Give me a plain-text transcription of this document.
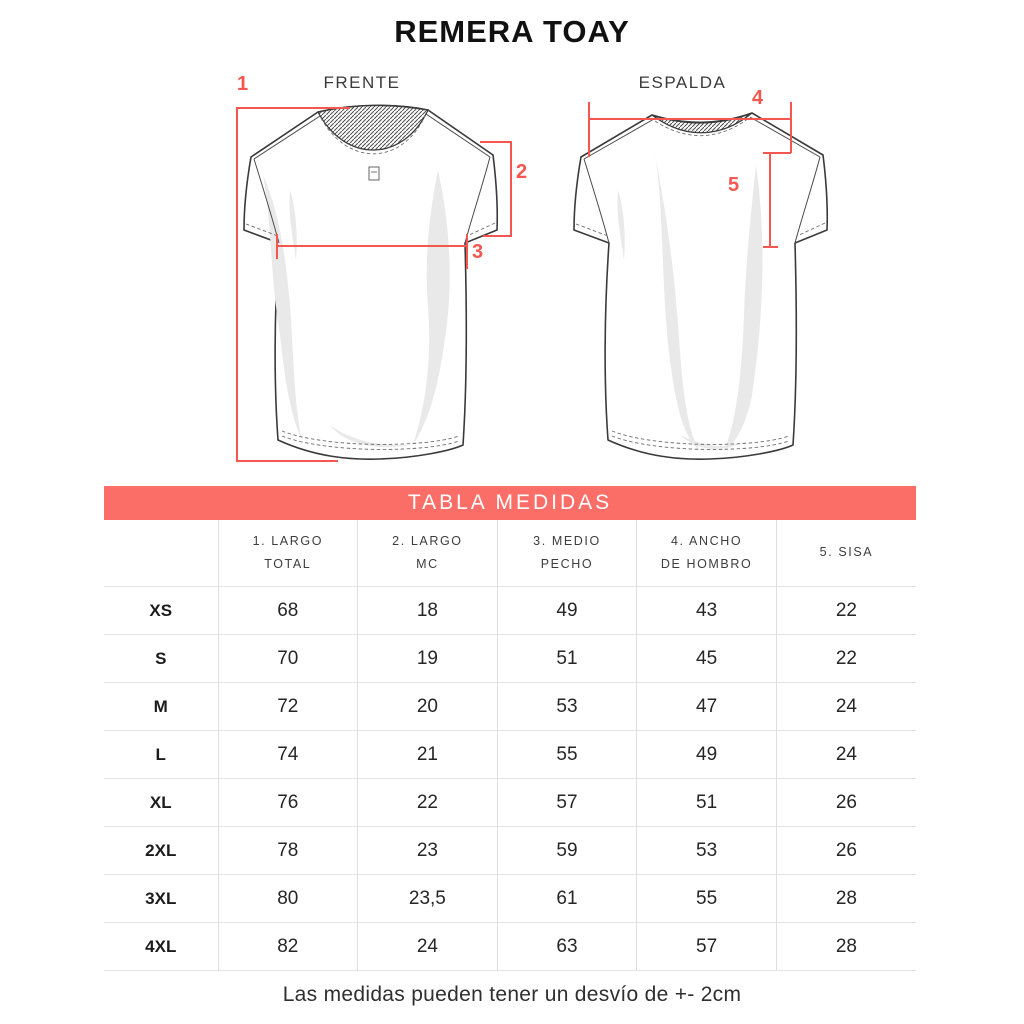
REMERA TOAY
FRENTE
1
2
3
ESPALDA
4
5
TABLA MEDIDAS

1. LARGO
TOTAL

2. LARGO
MC

3. MEDIO
PECHO

4. ANCHO
DE HOMBRO

5. SISA

XS	68	18	49	43	22
S	70	19	51	45	22
M	72	20	53	47	24
L	74	21	55	49	24
XL	76	22	57	51	26
2XL	78	23	59	53	26
3XL	80	23,5	61	55	28
4XL	82	24	63	57	28
Las medidas pueden tener un desvío de +- 2cm
